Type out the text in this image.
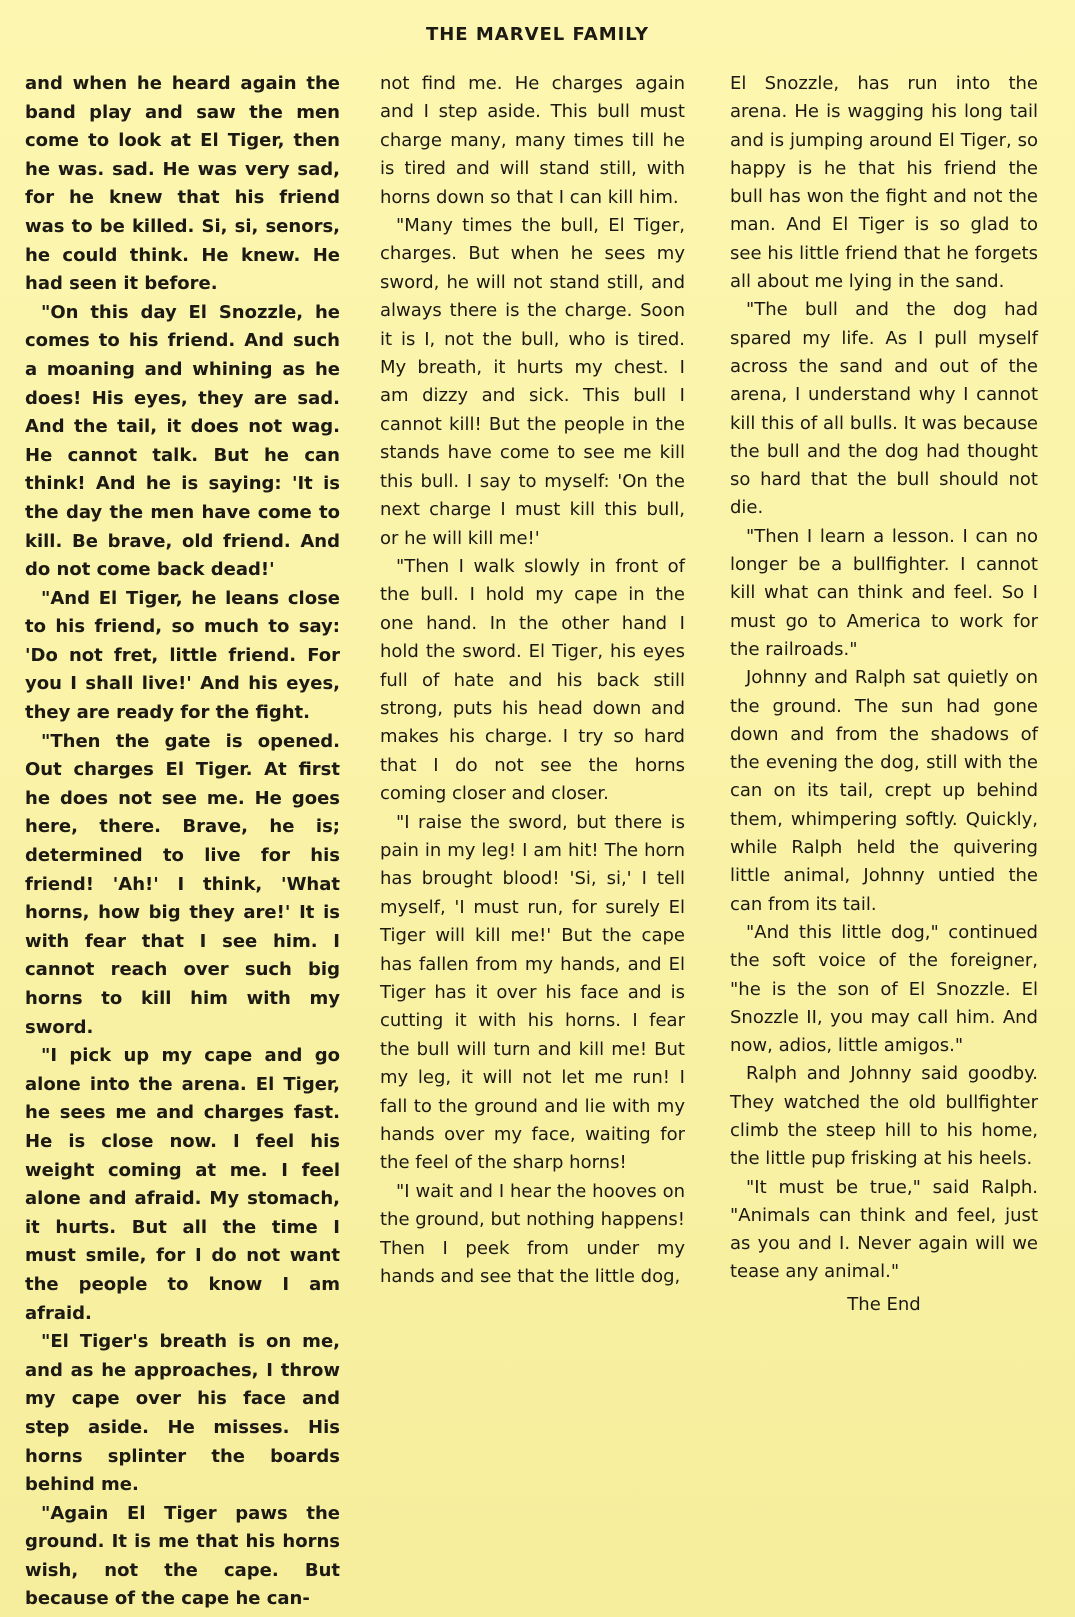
THE MARVEL FAMILY

and when he heard again the band play and saw the men come to look at El Tiger, then he was. sad. He was very sad, for he knew that his friend was to be killed. Si, si, senors, he could think. He knew. He had seen it before.

"On this day El Snozzle, he comes to his friend. And such a moaning and whining as he does! His eyes, they are sad. And the tail, it does not wag. He cannot talk. But he can think! And he is saying: 'It is the day the men have come to kill. Be brave, old friend. And do not come back dead!'

"And El Tiger, he leans close to his friend, so much to say: 'Do not fret, little friend. For you I shall live!' And his eyes, they are ready for the fight.

"Then the gate is opened. Out charges El Tiger. At first he does not see me. He goes here, there. Brave, he is; determined to live for his friend! 'Ah!' I think, 'What horns, how big they are!' It is with fear that I see him. I cannot reach over such big horns to kill him with my sword.

"I pick up my cape and go alone into the arena. El Tiger, he sees me and charges fast. He is close now. I feel his weight coming at me. I feel alone and afraid. My stomach, it hurts. But all the time I must smile, for I do not want the people to know I am afraid.

"El Tiger's breath is on me, and as he approaches, I throw my cape over his face and step aside. He misses. His horns splinter the boards behind me.

"Again El Tiger paws the ground. It is me that his horns wish, not the cape. But because of the cape he can-

not find me. He charges again and I step aside. This bull must charge many, many times till he is tired and will stand still, with horns down so that I can kill him.

"Many times the bull, El Tiger, charges. But when he sees my sword, he will not stand still, and always there is the charge. Soon it is I, not the bull, who is tired. My breath, it hurts my chest. I am dizzy and sick. This bull I cannot kill! But the people in the stands have come to see me kill this bull. I say to myself: 'On the next charge I must kill this bull, or he will kill me!'

"Then I walk slowly in front of the bull. I hold my cape in the one hand. In the other hand I hold the sword. El Tiger, his eyes full of hate and his back still strong, puts his head down and makes his charge. I try so hard that I do not see the horns coming closer and closer.

"I raise the sword, but there is pain in my leg! I am hit! The horn has brought blood! 'Si, si,' I tell myself, 'I must run, for surely El Tiger will kill me!' But the cape has fallen from my hands, and El Tiger has it over his face and is cutting it with his horns. I fear the bull will turn and kill me! But my leg, it will not let me run! I fall to the ground and lie with my hands over my face, waiting for the feel of the sharp horns!

"I wait and I hear the hooves on the ground, but nothing happens! Then I peek from under my hands and see that the little dog,

El Snozzle, has run into the arena. He is wagging his long tail and is jumping around El Tiger, so happy is he that his friend the bull has won the fight and not the man. And El Tiger is so glad to see his little friend that he forgets all about me lying in the sand.

"The bull and the dog had spared my life. As I pull myself across the sand and out of the arena, I understand why I cannot kill this of all bulls. It was because the bull and the dog had thought so hard that the bull should not die.

"Then I learn a lesson. I can no longer be a bullfighter. I cannot kill what can think and feel. So I must go to America to work for the railroads."

Johnny and Ralph sat quietly on the ground. The sun had gone down and from the shadows of the evening the dog, still with the can on its tail, crept up behind them, whimpering softly. Quickly, while Ralph held the quivering little animal, Johnny untied the can from its tail.

"And this little dog," continued the soft voice of the foreigner, "he is the son of El Snozzle. El Snozzle II, you may call him. And now, adios, little amigos."

Ralph and Johnny said goodby. They watched the old bullfighter climb the steep hill to his home, the little pup frisking at his heels.

"It must be true," said Ralph. "Animals can think and feel, just as you and I. Never again will we tease any animal."

The End
